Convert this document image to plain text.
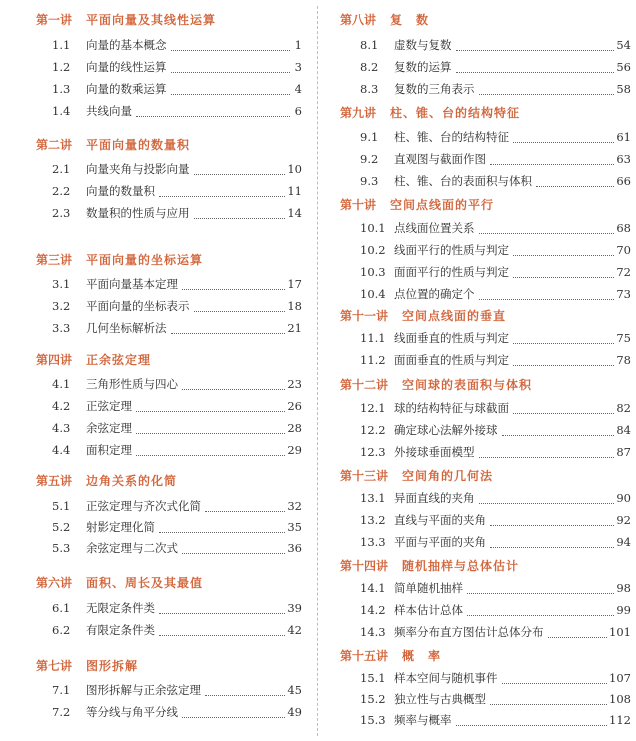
第一讲 平面向量及其线性运算
1.1	向量的基本概念	1
1.2	向量的线性运算	3
1.3	向量的数乘运算	4
1.4	共线向量	6
第二讲 平面向量的数量积
2.1	向量夹角与投影向量	10
2.2	向量的数量积	11
2.3	数量积的性质与应用	14
第三讲 平面向量的坐标运算
3.1	平面向量基本定理	17
3.2	平面向量的坐标表示	18
3.3	几何坐标解析法	21
第四讲 正余弦定理
4.1	三角形性质与四心	23
4.2	正弦定理	26
4.3	余弦定理	28
4.4	面积定理	29
第五讲 边角关系的化简
5.1	正弦定理与齐次式化简	32
5.2	射影定理化简	35
5.3	余弦定理与二次式	36
第六讲 面积、周长及其最值
6.1	无限定条件类	39
6.2	有限定条件类	42
第七讲 图形拆解
7.1	图形拆解与正余弦定理	45
7.2	等分线与角平分线	49
第八讲 复　数
8.1	虚数与复数	54
8.2	复数的运算	56
8.3	复数的三角表示	58
第九讲 柱、锥、台的结构特征
9.1	柱、锥、台的结构特征	61
9.2	直观图与截面作图	63
9.3	柱、锥、台的表面积与体积	66
第十讲 空间点线面的平行
10.1 点线面位置关系	68
10.2 线面平行的性质与判定	70
10.3 面面平行的性质与判定	72
10.4 点位置的确定个	73
第十一讲 空间点线面的垂直
11.1 线面垂直的性质与判定	75
11.2 面面垂直的性质与判定	78
第十二讲 空间球的表面积与体积
12.1 球的结构特征与球截面	82
12.2 确定球心法解外接球	84
12.3 外接球垂面模型	87
第十三讲 空间角的几何法
13.1 异面直线的夹角	90
13.2 直线与平面的夹角	92
13.3 平面与平面的夹角	94
第十四讲 随机抽样与总体估计
14.1 简单随机抽样	98
14.2 样本估计总体	99
14.3 频率分布直方图估计总体分布	101
第十五讲 概　率
15.1 样本空间与随机事件	107
15.2 独立性与古典概型	108
15.3 频率与概率	112
